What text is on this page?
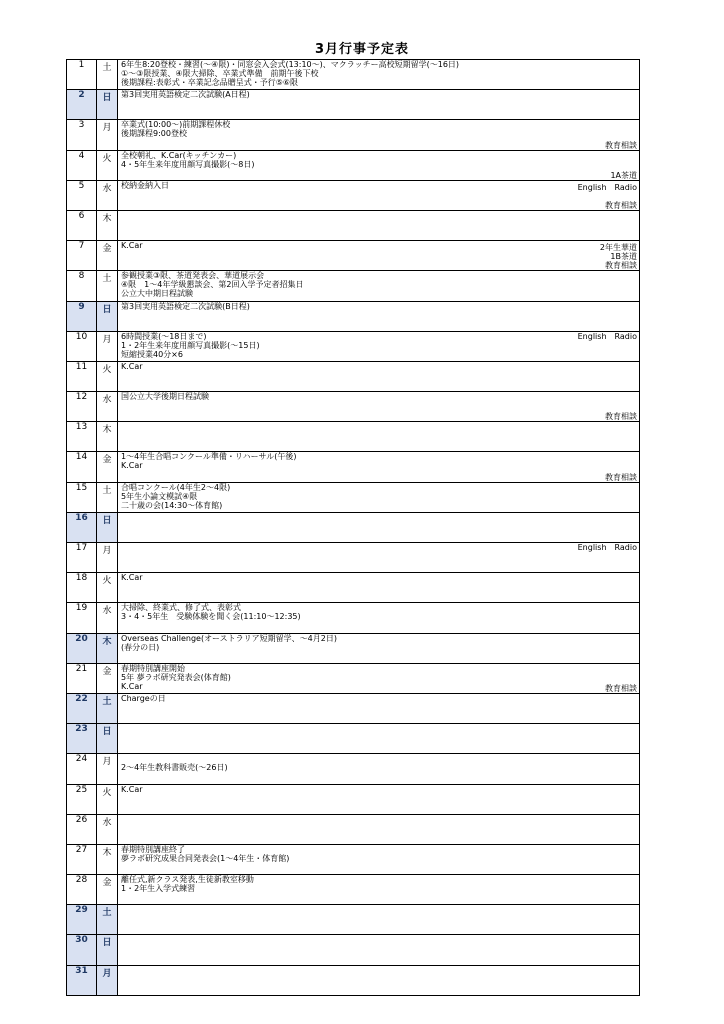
3月行事予定表
1	土	6年生8:20登校・練習(～④限)・同窓会入会式(13:10～)、マクラッチー高校短期留学(～16日)
①～③限授業、④限大掃除、卒業式準備　前期午後下校
後期課程:表彰式・卒業記念品贈呈式・予行⑤⑥限

2	日	第3回実用英語検定二次試験(A日程)

3	月	卒業式(10:00～)前期課程休校
後期課程9:00登校
教育相談

4	火	全校朝礼、K.Car(キッチンカー)
4・5年生来年度用顔写真撮影(～8日)
1A茶道

5	水	校納金納入日 English　Radio

教育相談

6	木	

7	金	K.Car 2年生華道
1B茶道
教育相談

8	土	参観授業③限、茶道発表会、華道展示会
④限　1～4年学級懇談会、第2回入学予定者招集日
公立大中期日程試験

9	日	第3回実用英語検定二次試験(B日程)

10	月	6時間授業(～18日まで)
1・2年生来年度用顔写真撮影(～15日)
短縮授業40分×6
English　Radio

11	火	K.Car

12	水	国公立大学後期日程試験
教育相談

13	木	

14	金	1～4年生合唱コンクール準備・リハーサル(午後)
K.Car
教育相談

15	土	合唱コンクール(4年生2～4限)
5年生小論文模試④限
二十歳の会(14:30～体育館)

16	日	

17	月	English　Radio

18	火	K.Car

19	水	大掃除、終業式、修了式、表彰式
3・4・5年生　受験体験を聞く会(11:10～12:35)

20	木	Overseas Challenge(オーストラリア短期留学、～4月2日)
(春分の日)

21	金	春期特別講座開始
5年 夢ラボ研究発表会(体育館)
K.Car 教育相談

22	土	Chargeの日

23	日	

24	月	2～4年生教科書販売(～26日)

25	火	K.Car

26	水	

27	木	春期特別講座終了
夢ラボ研究成果合同発表会(1～4年生・体育館)

28	金	離任式,新クラス発表,生徒新教室移動
1・2年生入学式練習

29	土	

30	日	

31	月	
